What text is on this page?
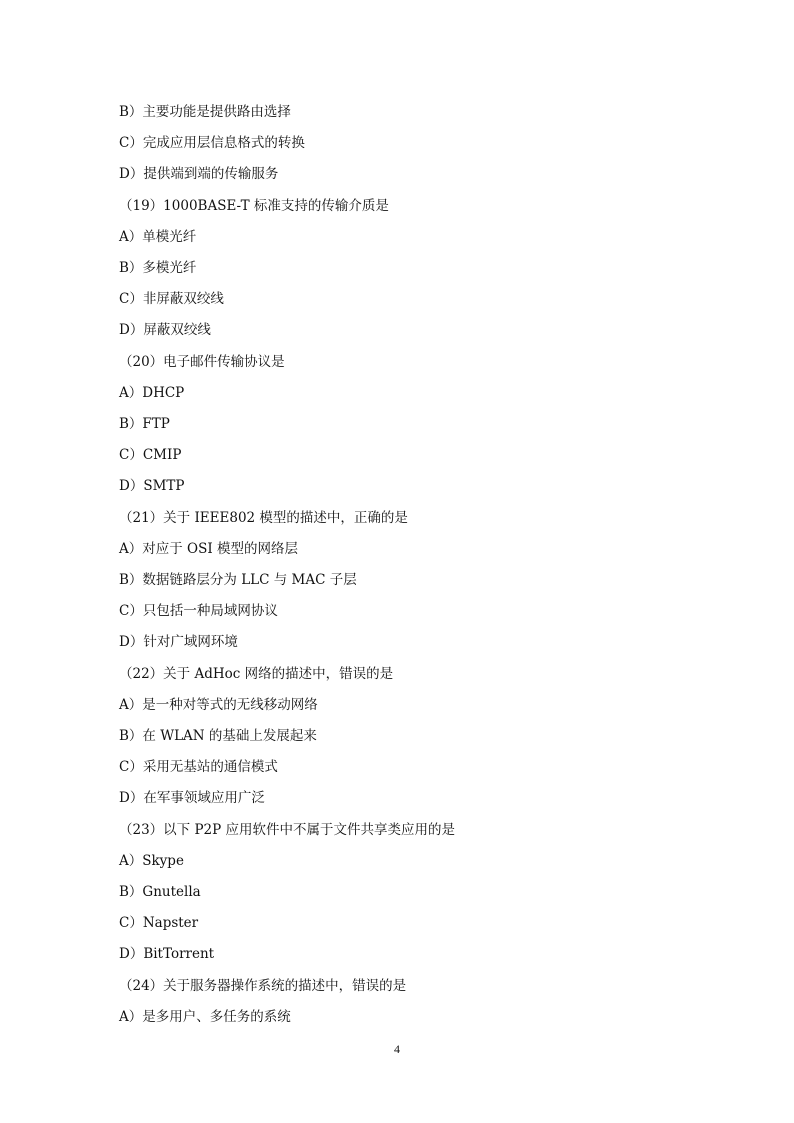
B）主要功能是提供路由选择
C）完成应用层信息格式的转换
D）提供端到端的传输服务
（19）1000BASE-T 标准支持的传输介质是
A）单模光纤
B）多模光纤
C）非屏蔽双绞线
D）屏蔽双绞线
（20）电子邮件传输协议是
A）DHCP
B）FTP
C）CMIP
D）SMTP
（21）关于 IEEE802 模型的描述中，正确的是
A）对应于 OSI 模型的网络层
B）数据链路层分为 LLC 与 MAC 子层
C）只包括一种局域网协议
D）针对广域网环境
（22）关于 AdHoc 网络的描述中，错误的是
A）是一种对等式的无线移动网络
B）在 WLAN 的基础上发展起来
C）采用无基站的通信模式
D）在军事领域应用广泛
（23）以下 P2P 应用软件中不属于文件共享类应用的是
A）Skype
B）Gnutella
C）Napster
D）BitTorrent
（24）关于服务器操作系统的描述中，错误的是
A）是多用户、多任务的系统
4
